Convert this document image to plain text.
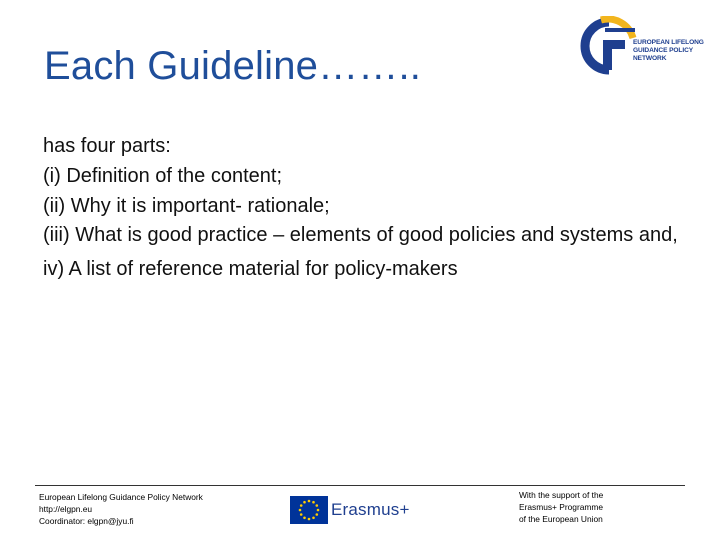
Each Guideline……..
EUROPEAN LIFELONG
GUIDANCE POLICY
NETWORK
has four parts:
(i) Definition of the content;
(ii) Why it is important- rationale;
(iii) What is good practice – elements of good policies and systems and,
iv) A list of reference material for policy-makers
European Lifelong Guidance Policy Network
http://elgpn.eu
Coordinator: elgpn@jyu.fi
Erasmus+
With the support of the
Erasmus+ Programme
of the European Union
